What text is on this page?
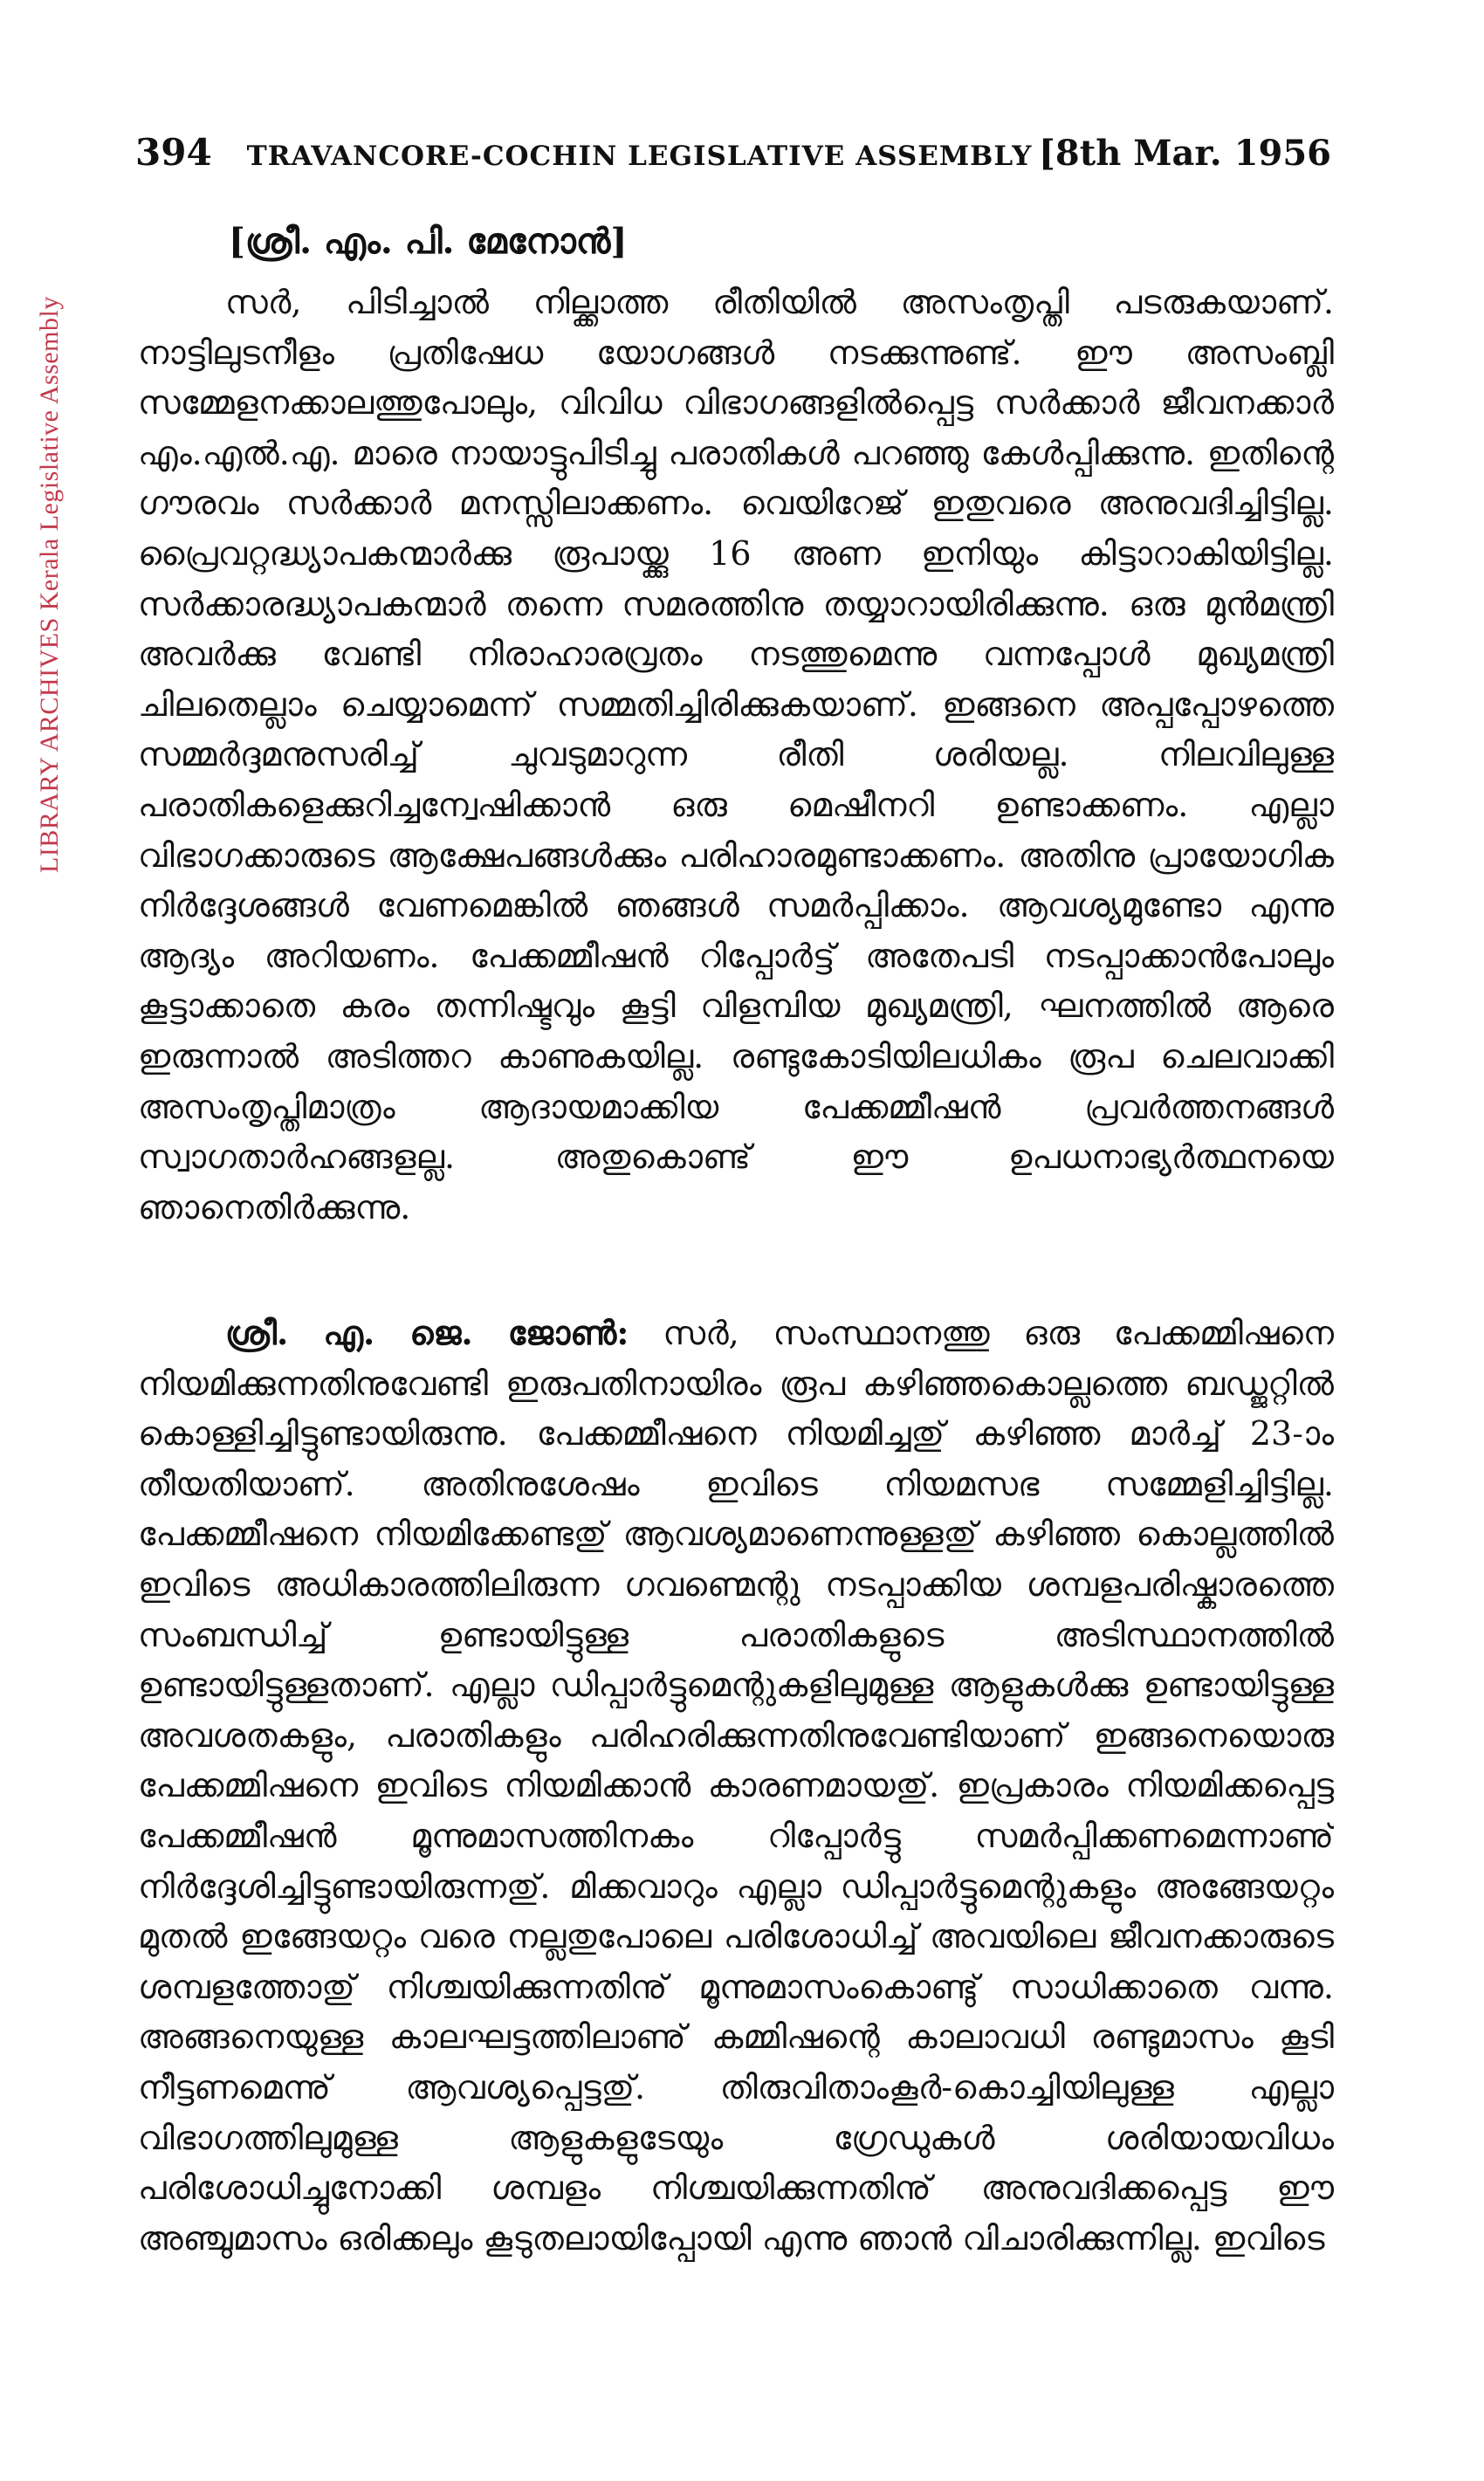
LIBRARY ARCHIVES Kerala Legislative Assembly
394 TRAVANCORE-COCHIN LEGISLATIVE ASSEMBLY [8th Mar. 1956
[ശ്രീ. എം. പി. മേനോൻ]
സർ, പിടിച്ചാൽ നില്ക്കാത്ത രീതിയിൽ അസംതൃപ്തി പടരുകയാണ്. നാട്ടിലുടനീളം പ്രതിഷേധ യോഗങ്ങൾ നടക്കുന്നുണ്ട്. ഈ അസംബ്ലി സമ്മേളനക്കാലത്തുപോലും, വിവിധ വിഭാഗങ്ങളിൽപ്പെട്ട സർക്കാർ ജീവനക്കാർ എം.എൽ.എ. മാരെ നായാട്ടുപിടിച്ചു പരാതികൾ പറഞ്ഞു കേൾപ്പിക്കുന്നു. ഇതിന്റെ ഗൗരവം സർക്കാർ മനസ്സിലാക്കണം. വെയിറേജ് ഇതുവരെ അനുവദിച്ചിട്ടില്ല. പ്രൈവറ്റദ്ധ്യാപകന്മാർക്കു രൂപായ്ക്കു 16 അണ ഇനിയും കിട്ടാറാകിയിട്ടില്ല. സർക്കാരദ്ധ്യാപകന്മാർ തന്നെ സമരത്തിനു തയ്യാറായിരിക്കുന്നു. ഒരു മുൻമന്ത്രി അവർക്കു വേണ്ടി നിരാഹാരവ്രതം നടത്തുമെന്നു വന്നപ്പോൾ മുഖ്യമന്ത്രി ചിലതെല്ലാം ചെയ്യാമെന്ന് സമ്മതിച്ചിരിക്കുകയാണ്. ഇങ്ങനെ അപ്പപ്പോഴത്തെ സമ്മർദ്ദമനുസരിച്ച് ചുവടുമാറുന്ന രീതി ശരിയല്ല. നിലവിലുള്ള പരാതികളെക്കുറിച്ചന്വേഷിക്കാൻ ഒരു മെഷീനറി ഉണ്ടാക്കണം. എല്ലാ വിഭാഗക്കാരുടെ ആക്ഷേപങ്ങൾക്കും പരിഹാരമുണ്ടാക്കണം. അതിനു പ്രായോഗിക നിർദ്ദേശങ്ങൾ വേണമെങ്കിൽ ഞങ്ങൾ സമർപ്പിക്കാം. ആവശ്യമുണ്ടോ എന്നു ആദ്യം അറിയണം. പേക്കമ്മീഷൻ റിപ്പോർട്ട് അതേപടി നടപ്പാക്കാൻപോലും കൂട്ടാക്കാതെ കരം തന്നിഷ്ടവും കൂട്ടി വിളമ്പിയ മുഖ്യമന്ത്രി, ഘനത്തിൽ ആരെ ഇരുന്നാൽ അടിത്തറ കാണുകയില്ല. രണ്ടുകോടിയിലധികം രൂപ ചെലവാക്കി അസംതൃപ്തിമാത്രം ആദായമാക്കിയ പേക്കമ്മീഷൻ പ്രവർത്തനങ്ങൾ സ്വാഗതാർഹങ്ങളല്ല. അതുകൊണ്ട് ഈ ഉപധനാഭ്യർത്ഥനയെ ഞാനെതിർക്കുന്നു.
ശ്രീ. എ. ജെ. ജോൺ: സർ, സംസ്ഥാനത്തു ഒരു പേക്കമ്മിഷനെ നിയമിക്കുന്നതിനുവേണ്ടി ഇരുപതിനായിരം രൂപ കഴിഞ്ഞകൊല്ലത്തെ ബഡ്ജറ്റിൽ കൊള്ളിച്ചിട്ടുണ്ടായിരുന്നു. പേക്കമ്മീഷനെ നിയമിച്ചതു് കഴിഞ്ഞ മാർച്ച് 23-ാംതീയതിയാണ്. അതിനുശേഷം ഇവിടെ നിയമസഭ സമ്മേളിച്ചിട്ടില്ല. പേക്കമ്മീഷനെ നിയമിക്കേണ്ടതു് ആവശ്യമാണെന്നുള്ളതു് കഴിഞ്ഞ കൊല്ലത്തിൽ ഇവിടെ അധികാരത്തിലിരുന്ന ഗവണ്മെന്റു നടപ്പാക്കിയ ശമ്പളപരിഷ്കാരത്തെ സംബന്ധിച്ച് ഉണ്ടായിട്ടുള്ള പരാതികളുടെ അടിസ്ഥാനത്തിൽ ഉണ്ടായിട്ടുള്ളതാണ്. എല്ലാ ഡിപ്പാർട്ടുമെന്റുകളിലുമുള്ള ആളുകൾക്കു ഉണ്ടായിട്ടുള്ള അവശതകളും, പരാതികളും പരിഹരിക്കുന്നതിനുവേണ്ടിയാണ് ഇങ്ങനെയൊരു പേക്കമ്മിഷനെ ഇവിടെ നിയമിക്കാൻ കാരണമായതു്. ഇപ്രകാരം നിയമിക്കപ്പെട്ട പേക്കമ്മീഷൻ മൂന്നുമാസത്തിനകം റിപ്പോർട്ടു സമർപ്പിക്കണമെന്നാണു് നിർദ്ദേശിച്ചിട്ടുണ്ടായിരുന്നതു്. മിക്കവാറും എല്ലാ ഡിപ്പാർട്ടുമെന്റുകളും അങ്ങേയറ്റം മുതൽ ഇങ്ങേയറ്റം വരെ നല്ലതുപോലെ പരിശോധിച്ച് അവയിലെ ജീവനക്കാരുടെ ശമ്പളത്തോതു് നിശ്ചയിക്കുന്നതിനു് മൂന്നുമാസംകൊണ്ടു് സാധിക്കാതെ വന്നു. അങ്ങനെയുള്ള കാലഘട്ടത്തിലാണു് കമ്മിഷന്റെ കാലാവധി രണ്ടുമാസം കൂടി നീട്ടണമെന്നു് ആവശ്യപ്പെട്ടതു്. തിരുവിതാംകൂർ-കൊച്ചിയിലുള്ള എല്ലാ വിഭാഗത്തിലുമുള്ള ആളുകളുടേയും ഗ്രേഡുകൾ ശരിയായവിധം പരിശോധിച്ചുനോക്കി ശമ്പളം നിശ്ചയിക്കുന്നതിനു് അനുവദിക്കപ്പെട്ട ഈ അഞ്ചുമാസം ഒരിക്കലും കൂടുതലായിപ്പോയി എന്നു ഞാൻ വിചാരിക്കുന്നില്ല. ഇവിടെ
